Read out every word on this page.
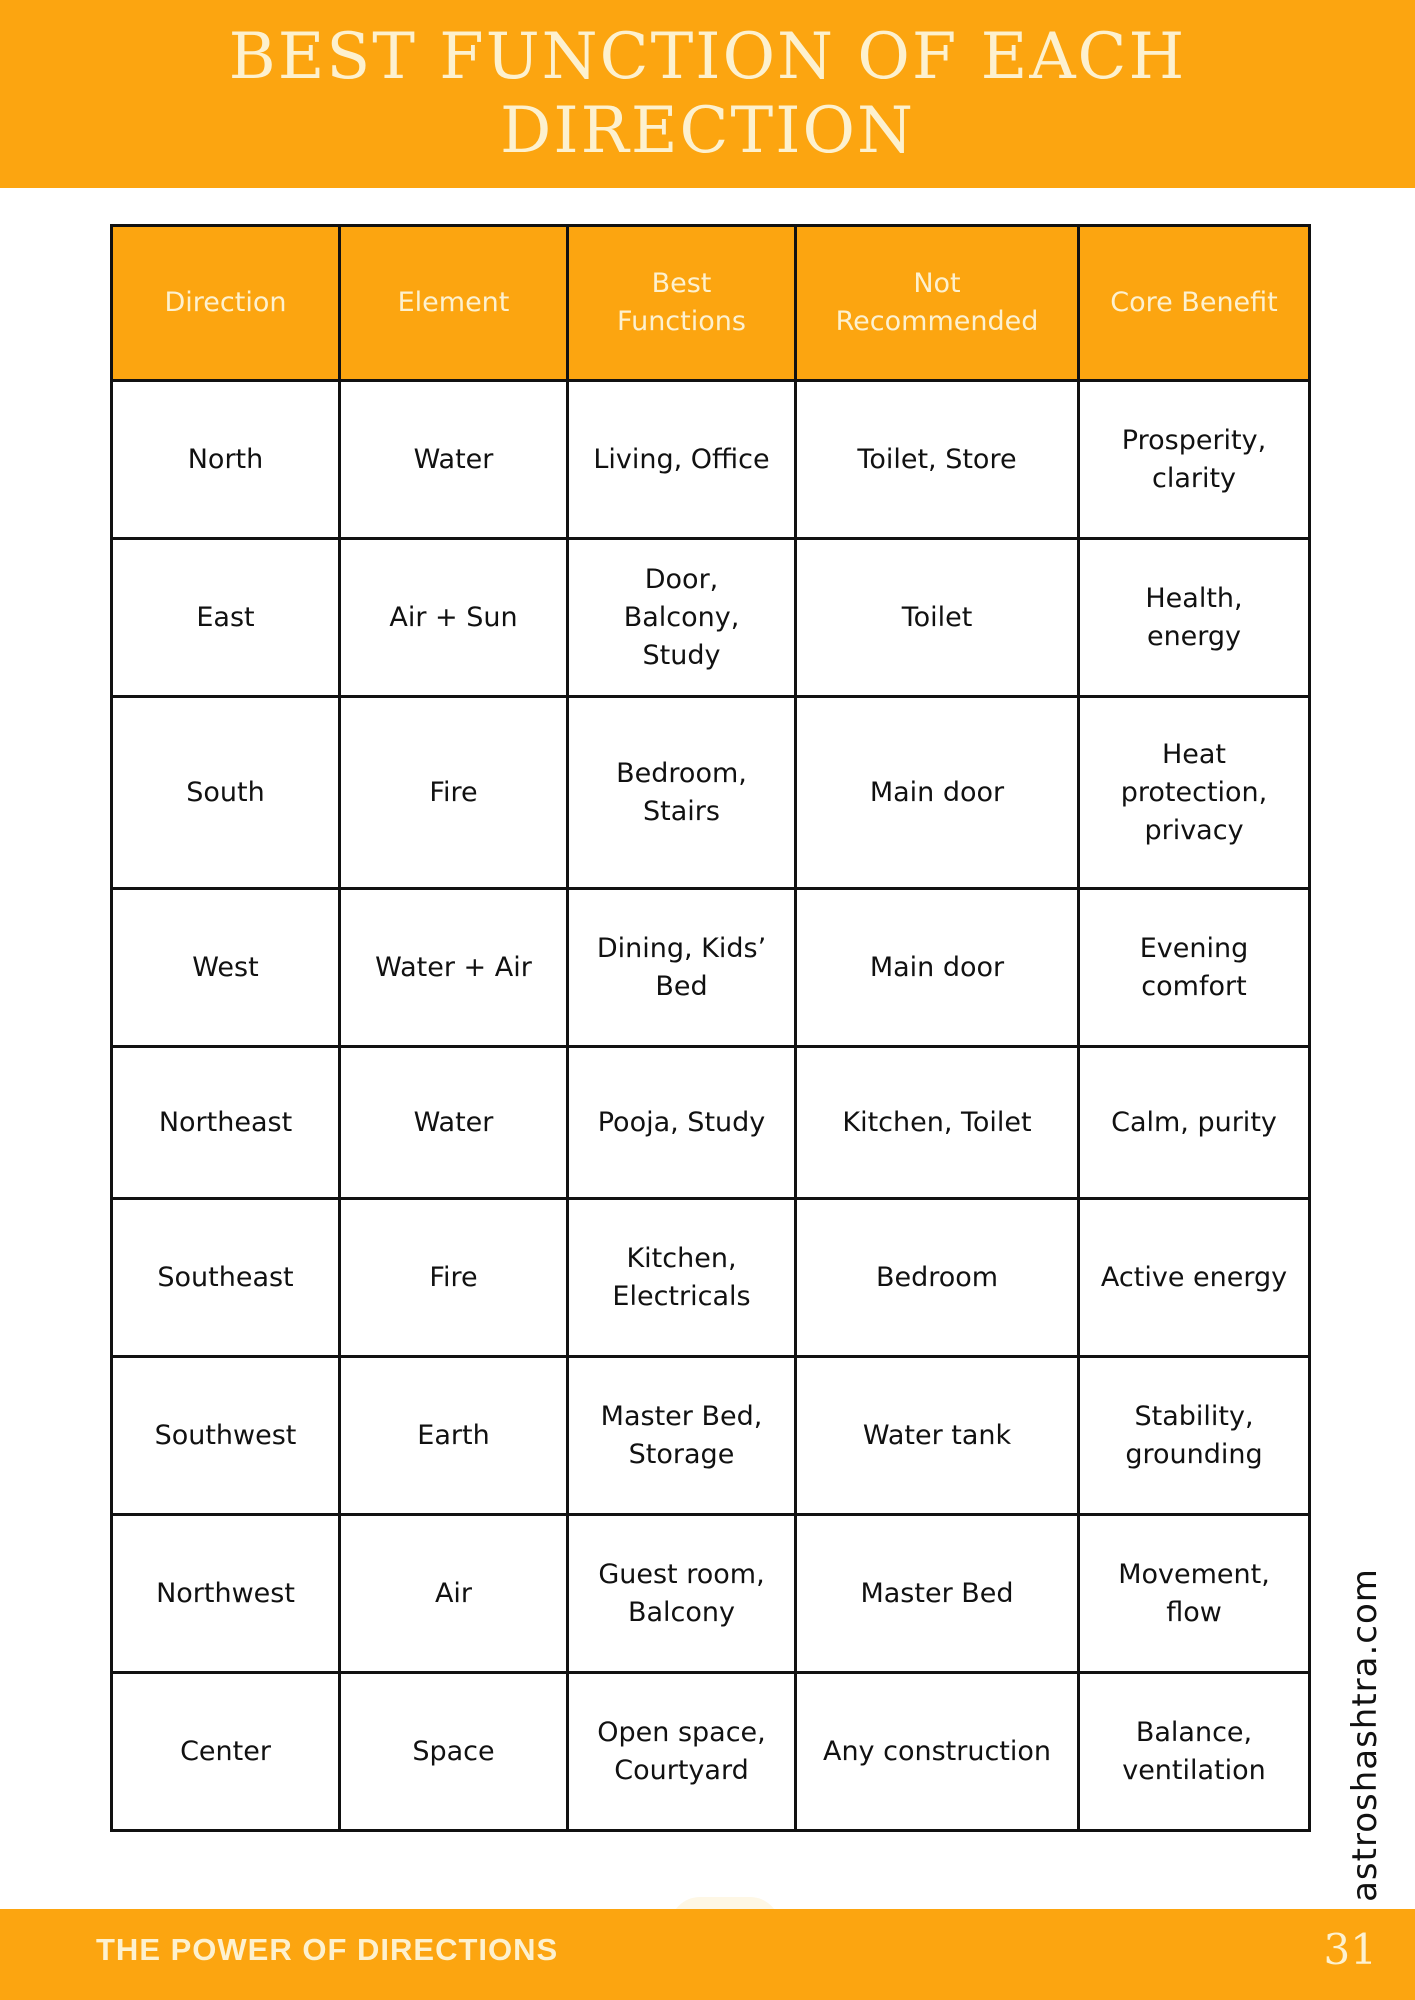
BEST FUNCTION OF EACH DIRECTION
Direction	Element	Best Functions	Not Recommended	Core Benefit
North	Water	Living, Office	Toilet, Store	Prosperity, clarity
East	Air + Sun	Door, Balcony, Study	Toilet	Health, energy
South	Fire	Bedroom, Stairs	Main door	Heat protection, privacy
West	Water + Air	Dining, Kids’ Bed	Main door	Evening comfort
Northeast	Water	Pooja, Study	Kitchen, Toilet	Calm, purity
Southeast	Fire	Kitchen, Electricals	Bedroom	Active energy
Southwest	Earth	Master Bed, Storage	Water tank	Stability, grounding
Northwest	Air	Guest room, Balcony	Master Bed	Movement, flow
Center	Space	Open space, Courtyard	Any construction	Balance, ventilation astroshashtra.com
THE POWER OF DIRECTIONS	31
